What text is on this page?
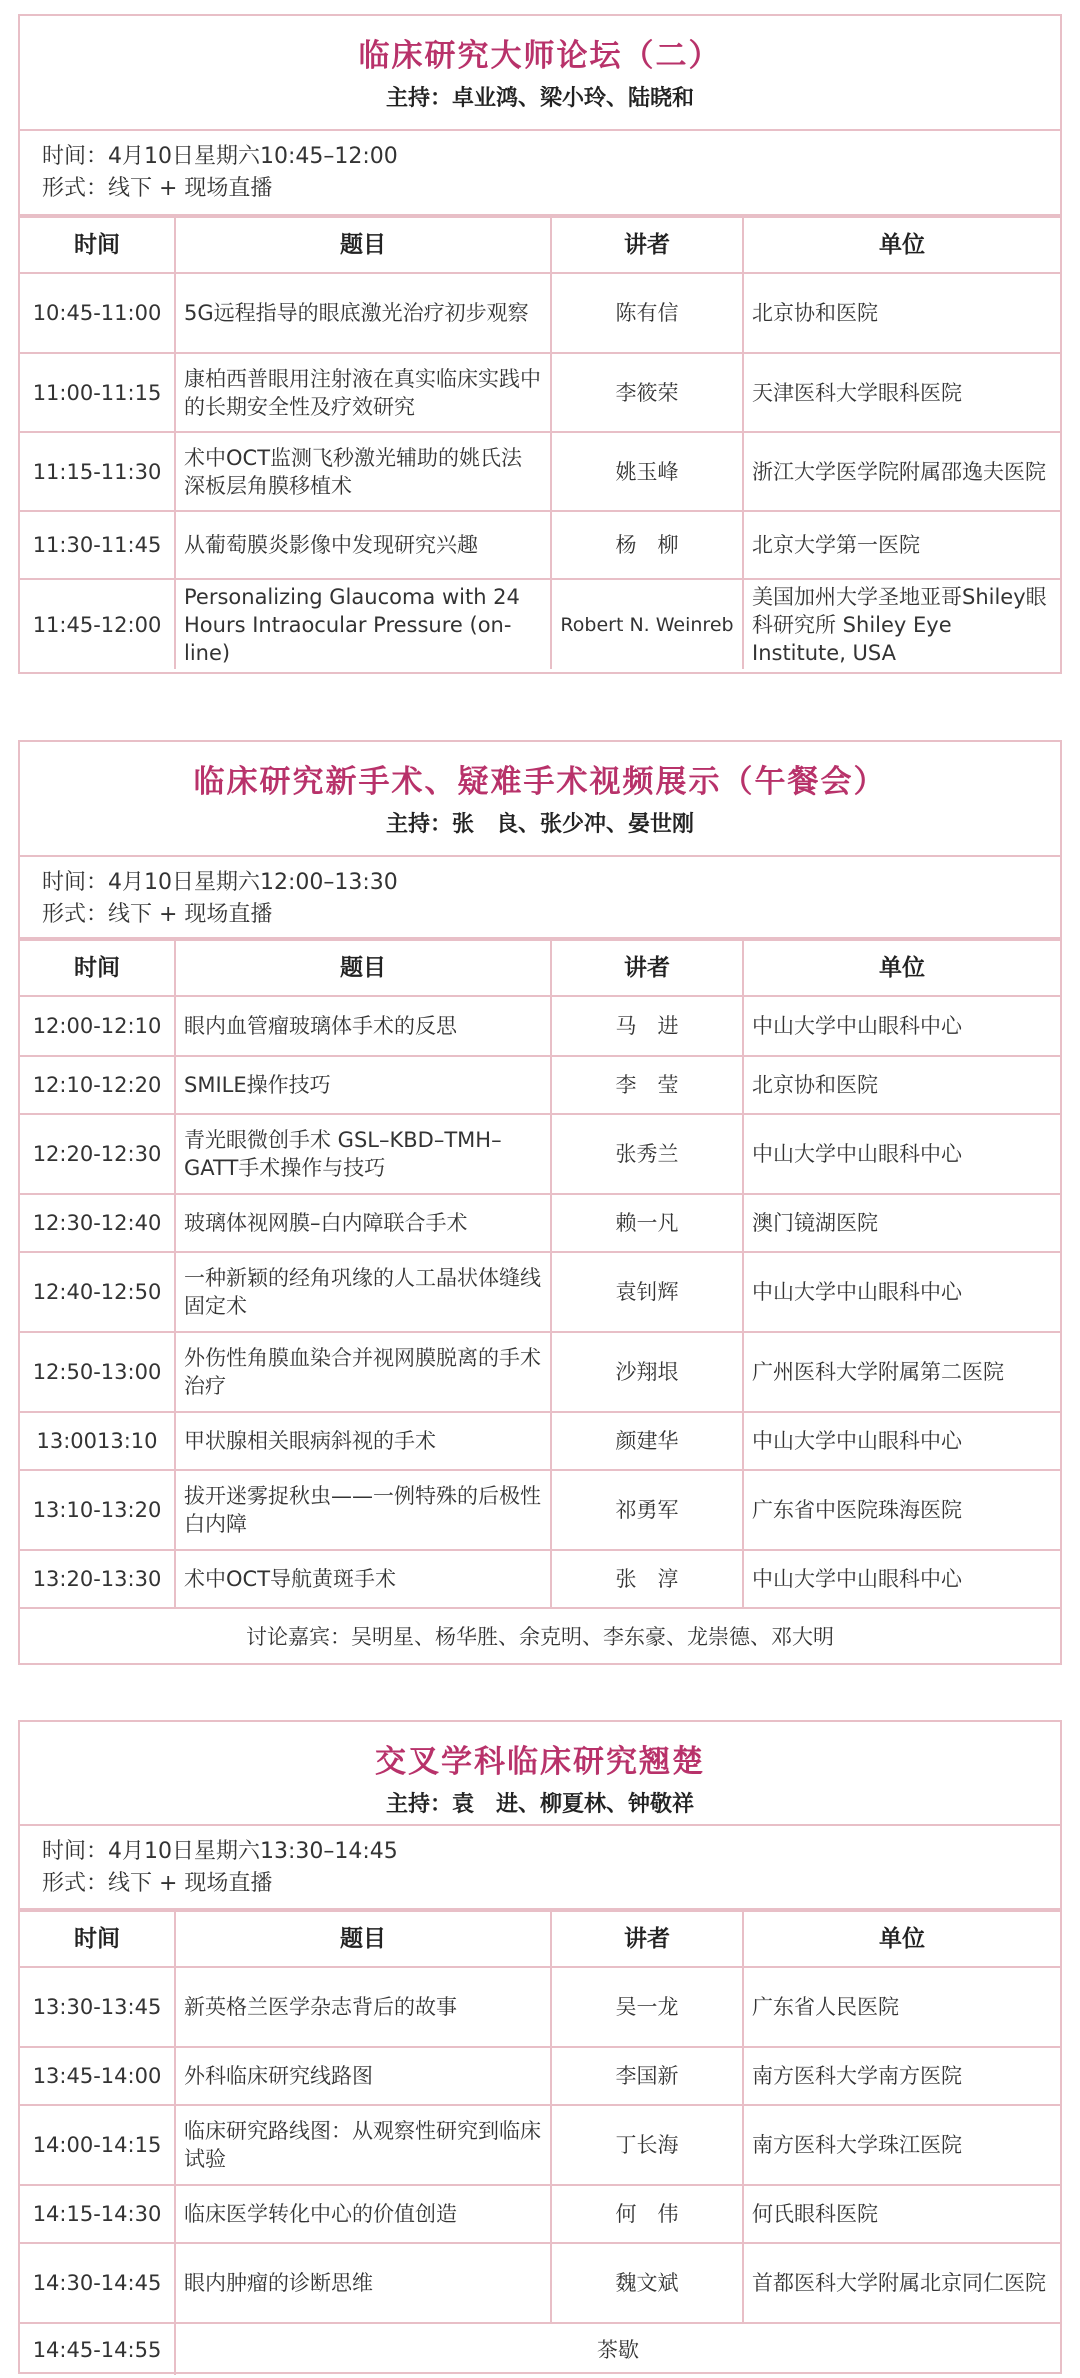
临床研究大师论坛（二）
主持：卓业鸿、梁小玲、陆晓和
时间：4月10日星期六10:45–12:00
形式：线下 + 现场直播
时间	题目	讲者	单位
10:45-11:00	5G远程指导的眼底激光治疗初步观察	陈有信	北京协和医院
11:00-11:15	康柏西普眼用注射液在真实临床实践中的长期安全性及疗效研究	李筱荣	天津医科大学眼科医院
11:15-11:30	术中OCT监测飞秒激光辅助的姚氏法深板层角膜移植术	姚玉峰	浙江大学医学院附属邵逸夫医院
11:30-11:45	从葡萄膜炎影像中发现研究兴趣	杨　柳	北京大学第一医院
11:45-12:00	Personalizing Glaucoma with 24 Hours Intraocular Pressure (on-line)	Robert N. Weinreb	美国加州大学圣地亚哥Shiley眼科研究所 Shiley Eye Institute, USA
临床研究新手术、疑难手术视频展示（午餐会）
主持：张　良、张少冲、晏世刚
时间：4月10日星期六12:00–13:30
形式：线下 + 现场直播
时间	题目	讲者	单位
12:00-12:10	眼内血管瘤玻璃体手术的反思	马　进	中山大学中山眼科中心
12:10-12:20	SMILE操作技巧	李　莹	北京协和医院
12:20-12:30	青光眼微创手术 GSL–KBD–TMH–GATT手术操作与技巧	张秀兰	中山大学中山眼科中心
12:30-12:40	玻璃体视网膜–白内障联合手术	赖一凡	澳门镜湖医院
12:40-12:50	一种新颖的经角巩缘的人工晶状体缝线固定术	袁钊辉	中山大学中山眼科中心
12:50-13:00	外伤性角膜血染合并视网膜脱离的手术治疗	沙翔垠	广州医科大学附属第二医院
13:0013:10	甲状腺相关眼病斜视的手术	颜建华	中山大学中山眼科中心
13:10-13:20	拔开迷雾捉秋虫——一例特殊的后极性白内障	祁勇军	广东省中医院珠海医院
13:20-13:30	术中OCT导航黄斑手术	张　淳	中山大学中山眼科中心
讨论嘉宾：吴明星、杨华胜、余克明、李东豪、龙崇德、邓大明			
交叉学科临床研究翘楚
主持：袁　进、柳夏林、钟敬祥
时间：4月10日星期六13:30–14:45
形式：线下 + 现场直播
时间	题目	讲者	单位
13:30-13:45	新英格兰医学杂志背后的故事	吴一龙	广东省人民医院
13:45-14:00	外科临床研究线路图	李国新	南方医科大学南方医院
14:00-14:15	临床研究路线图：从观察性研究到临床试验	丁长海	南方医科大学珠江医院
14:15-14:30	临床医学转化中心的价值创造	何　伟	何氏眼科医院
14:30-14:45	眼内肿瘤的诊断思维	魏文斌	首都医科大学附属北京同仁医院
14:45-14:55	茶歇		
